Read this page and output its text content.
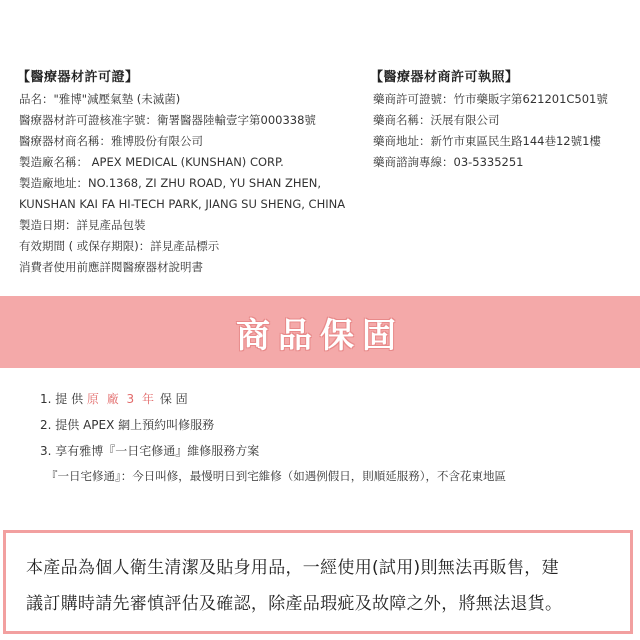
【醫療器材許可證】
品名："雅博"減壓氣墊 (未滅菌)
醫療器材許可證核准字號：衛署醫器陸輸壹字第000338號
醫療器材商名稱：雅博股份有限公司
製造廠名稱： APEX MEDICAL (KUNSHAN) CORP.
製造廠地址：NO.1368, ZI ZHU ROAD, YU SHAN ZHEN,
KUNSHAN KAI FA HI-TECH PARK, JIANG SU SHENG, CHINA
製造日期：詳見產品包裝
有效期間 ( 或保存期限)：詳見產品標示
消費者使用前應詳閱醫療器材說明書
【醫療器材商許可執照】
藥商許可證號：竹市藥販字第621201C501號
藥商名稱：沃展有限公司
藥商地址：新竹市東區民生路144巷12號1樓
藥商諮詢專線：03-5335251
商品保固
1. 提 供 原 廠 3 年 保 固
2. 提供 APEX 網上預約叫修服務
3. 享有雅博『一日宅修通』維修服務方案
『一日宅修通』：今日叫修，最慢明日到宅維修（如遇例假日，則順延服務），不含花東地區
本產品為個人衛生清潔及貼身用品，一經使用(試用)則無法再販售，建
議訂購時請先審慎評估及確認，除產品瑕疵及故障之外，將無法退貨。
